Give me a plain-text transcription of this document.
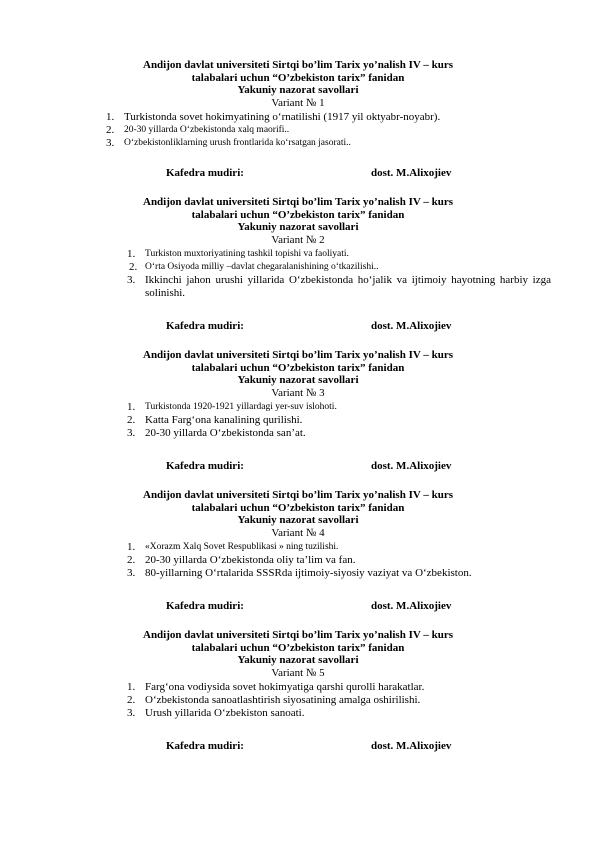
Andijon davlat universiteti Sirtqi bo’lim Tarix yo’nalish IV – kurs
talabalari uchun “O’zbekiston tarix” fanidan
Yakuniy nazorat savollari
Variant № 1
1. Turkistonda sovet hokimyatining o‘rnatilishi (1917 yil oktyabr-noyabr).
2. 20-30 yillarda O‘zbekistonda xalq maorifi..
3. O‘zbekistonliklarning urush frontlarida ko‘rsatgan jasorati..
Kafedra mudiri:	dost. M.Alixojiev
Andijon davlat universiteti Sirtqi bo’lim Tarix yo’nalish IV – kurs
talabalari uchun “O’zbekiston tarix” fanidan
Yakuniy nazorat savollari
Variant № 2
1. Turkiston muxtoriyatining tashkil topishi va faoliyati.
2. O‘rta Osiyoda milliy –davlat chegaralanishining o‘tkazilishi..
3. Ikkinchi jahon urushi yillarida O‘zbekistonda ho‘jalik va ijtimoiy hayotning harbiy izga solinishi.
Kafedra mudiri:	dost. M.Alixojiev
Andijon davlat universiteti Sirtqi bo’lim Tarix yo’nalish IV – kurs
talabalari uchun “O’zbekiston tarix” fanidan
Yakuniy nazorat savollari
Variant № 3
1. Turkistonda 1920-1921 yillardagi yer-suv islohoti.
2. Katta Farg‘ona kanalining qurilishi.
3. 20-30 yillarda O‘zbekistonda san’at.
Kafedra mudiri:	dost. M.Alixojiev
Andijon davlat universiteti Sirtqi bo’lim Tarix yo’nalish IV – kurs
talabalari uchun “O’zbekiston tarix” fanidan
Yakuniy nazorat savollari
Variant № 4
1. «Xorazm Xalq Sovet Respublikasi » ning tuzilishi.
2. 20-30 yillarda O‘zbekistonda oliy ta’lim va fan.
3. 80-yillarning O‘rtalarida SSSRda ijtimoiy-siyosiy vaziyat va O‘zbekiston.
Kafedra mudiri:	dost. M.Alixojiev
Andijon davlat universiteti Sirtqi bo’lim Tarix yo’nalish IV – kurs
talabalari uchun “O’zbekiston tarix” fanidan
Yakuniy nazorat savollari
Variant № 5
1. Farg‘ona vodiysida sovet hokimyatiga qarshi qurolli harakatlar.
2. O‘zbekistonda sanoatlashtirish siyosatining amalga oshirilishi.
3. Urush yillarida O‘zbekiston sanoati.
Kafedra mudiri:	dost. M.Alixojiev
